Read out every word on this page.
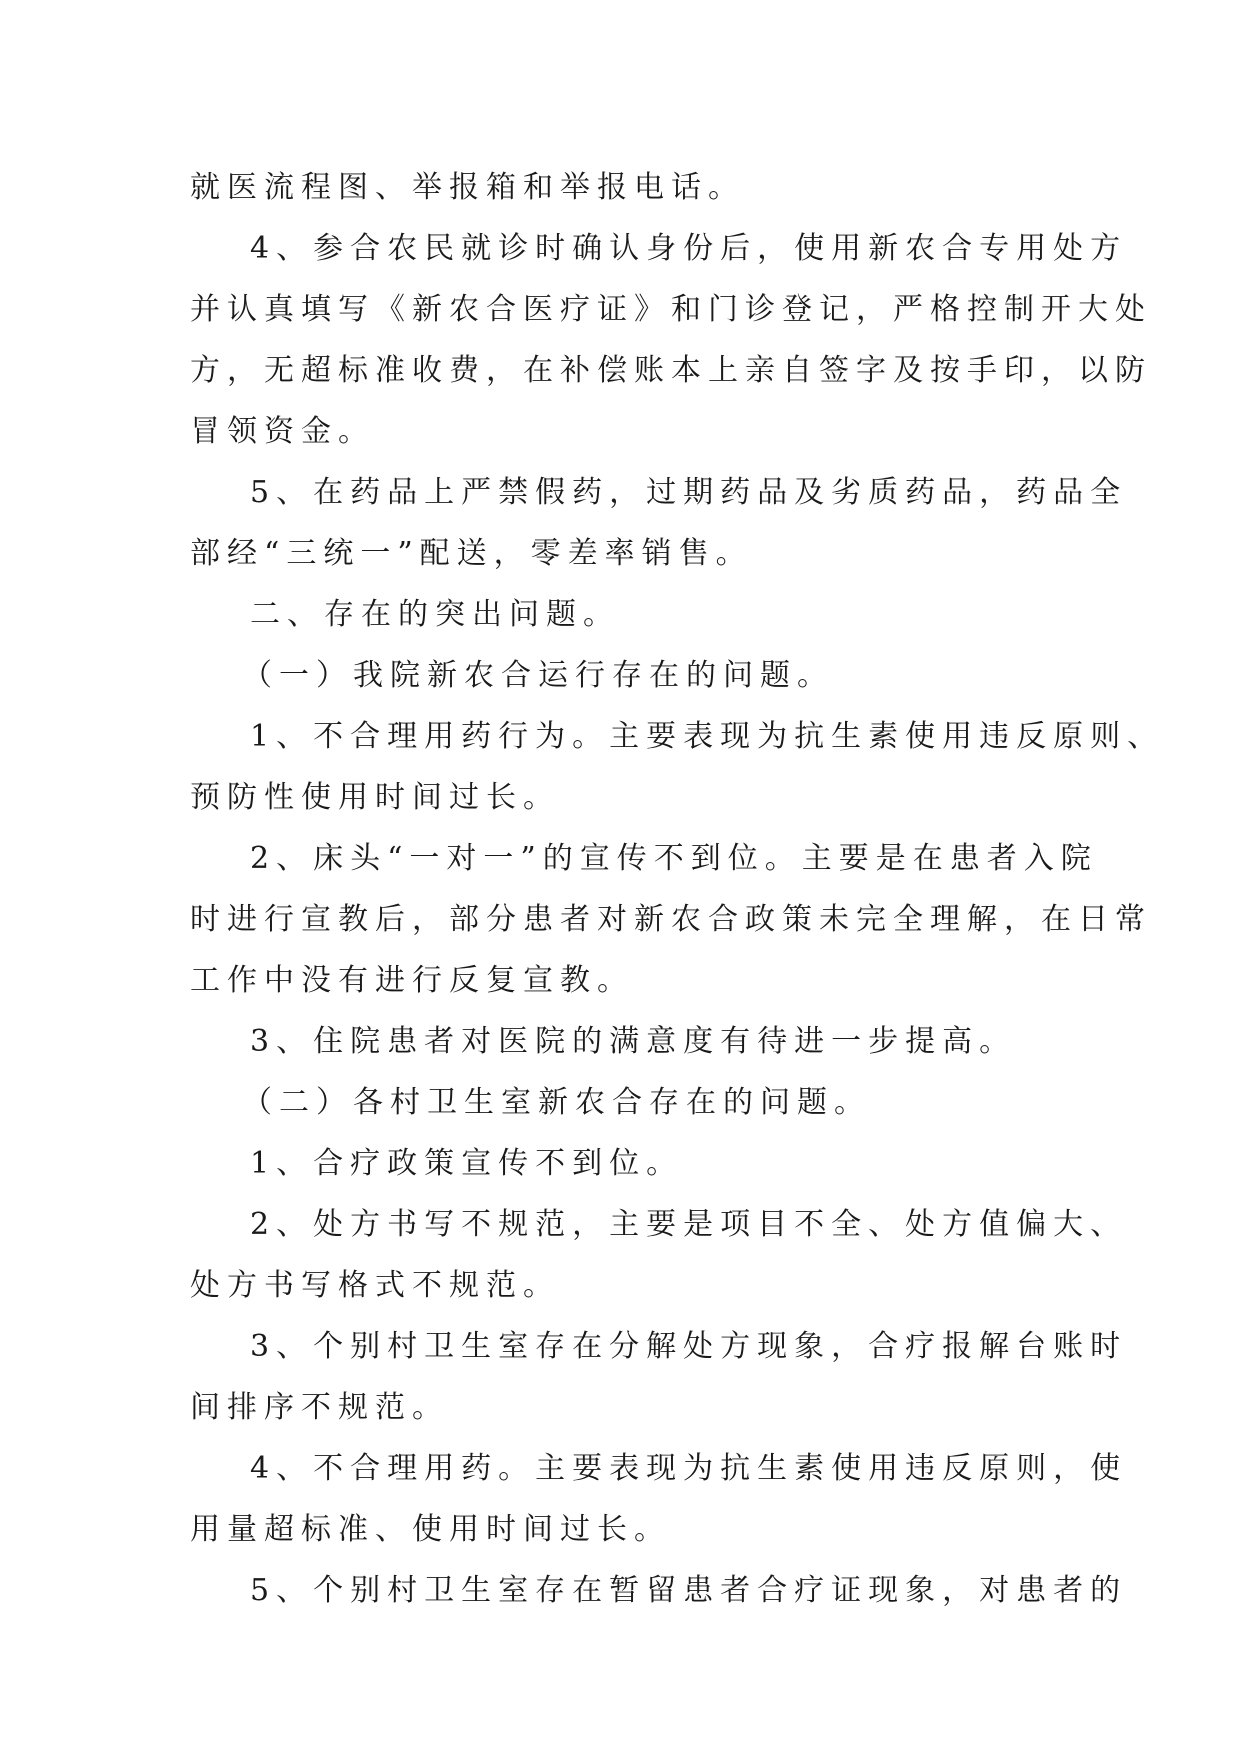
就医流程图、举报箱和举报电话。
4、参合农民就诊时确认身份后，使用新农合专用处方
并认真填写《新农合医疗证》和门诊登记，严格控制开大处
方，无超标准收费，在补偿账本上亲自签字及按手印，以防
冒领资金。
5、在药品上严禁假药，过期药品及劣质药品，药品全
部经“三统一”配送，零差率销售。
二、存在的突出问题。
（一）我院新农合运行存在的问题。
1、不合理用药行为。主要表现为抗生素使用违反原则、
预防性使用时间过长。
2、床头“一对一”的宣传不到位。主要是在患者入院
时进行宣教后，部分患者对新农合政策未完全理解，在日常
工作中没有进行反复宣教。
3、住院患者对医院的满意度有待进一步提高。
（二）各村卫生室新农合存在的问题。
1、合疗政策宣传不到位。
2、处方书写不规范，主要是项目不全、处方值偏大、
处方书写格式不规范。
3、个别村卫生室存在分解处方现象，合疗报解台账时
间排序不规范。
4、不合理用药。主要表现为抗生素使用违反原则，使
用量超标准、使用时间过长。
5、个别村卫生室存在暂留患者合疗证现象，对患者的
